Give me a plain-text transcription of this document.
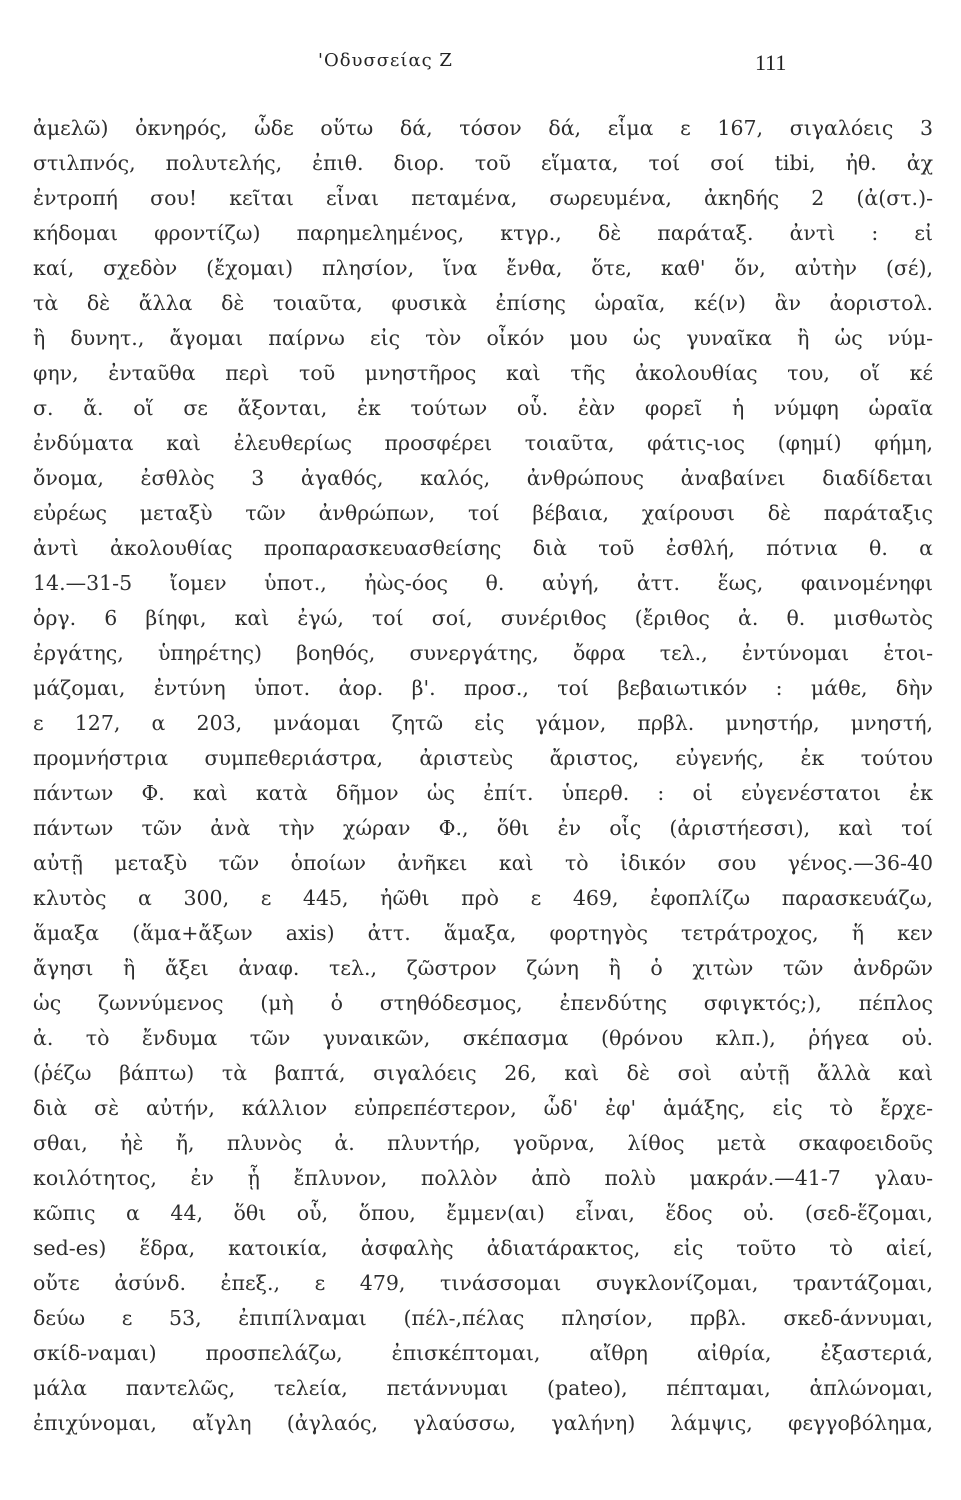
'Οδυσσείας Ζ	111
ἀμελῶ) ὀκνηρός, ὧδε οὕτω δά, τόσον δά, εἷμα ε 167, σιγαλόεις 3
στιλπνός, πολυτελής, ἐπιθ. διορ. τοῦ εἵματα, τοί σοί tibi, ἠθ. ἀχ
ἐντροπή σου! κεῖται εἶναι πεταμένα, σωρευμένα, ἀκηδής 2 (ἀ(στ.)-
κήδομαι φροντίζω) παρημελημένος, κτγρ., δὲ παράταξ. ἀντὶ : εἰ
καί, σχεδὸν (ἔχομαι) πλησίον, ἵνα ἔνθα, ὅτε, καθ' ὅν, αὐτὴν (σέ),
τὰ δὲ ἄλλα δὲ τοιαῦτα, φυσικὰ ἐπίσης ὡραῖα, κέ(ν) ἂν ἀοριστολ.
ἢ δυνητ., ἄγομαι παίρνω εἰς τὸν οἶκόν μου ὡς γυναῖκα ἢ ὡς νύμ-
φην, ἐνταῦθα περὶ τοῦ μνηστῆρος καὶ τῆς ἀκολουθίας του, οἵ κέ
σ. ἄ. οἵ σε ἄξονται, ἐκ τούτων οὗ. ἐὰν φορεῖ ἡ νύμφη ὡραῖα
ἐνδύματα καὶ ἐλευθερίως προσφέρει τοιαῦτα, φάτις-ιος (φημί) φήμη,
ὄνομα, ἐσθλὸς 3 ἀγαθός, καλός, ἀνθρώπους ἀναβαίνει διαδίδεται
εὐρέως μεταξὺ τῶν ἀνθρώπων, τοί βέβαια, χαίρουσι δὲ παράταξις
ἀντὶ ἀκολουθίας προπαρασκευασθείσης διὰ τοῦ ἐσθλή, πότνια θ. α
14.—31-5 ἴομεν ὑποτ., ἠὼς-όος θ. αὐγή, ἀττ. ἕως, φαινομένηφι
ὀργ. 6 βίηφι, καὶ ἐγώ, τοί σοί, συνέριθος (ἔριθος ἀ. θ. μισθωτὸς
ἐργάτης, ὑπηρέτης) βοηθός, συνεργάτης, ὄφρα τελ., ἐντύνομαι ἑτοι-
μάζομαι, ἐντύνη ὑποτ. ἀορ. β'. προσ., τοί βεβαιωτικόν : μάθε, δὴν
ε 127, α 203, μνάομαι ζητῶ εἰς γάμον, πρβλ. μνηστήρ, μνηστή,
προμνήστρια συμπεθεριάστρα, ἀριστεὺς ἄριστος, εὐγενής, ἐκ τούτου
πάντων Φ. καὶ κατὰ δῆμον ὡς ἐπίτ. ὑπερθ. : οἱ εὐγενέστατοι ἐκ
πάντων τῶν ἀνὰ τὴν χώραν Φ., ὅθι ἐν οἷς (ἀριστήεσσι), καὶ τοί
αὐτῇ μεταξὺ τῶν ὁποίων ἀνῆκει καὶ τὸ ἰδικόν σου γένος.—36-40
κλυτὸς α 300, ε 445, ἠῶθι πρὸ ε 469, ἐφοπλίζω παρασκευάζω,
ἅμαξα (ἅμα+ἄξων axis) ἀττ. ἅμαξα, φορτηγὸς τετράτροχος, ἥ κεν
ἄγησι ἣ ἄξει ἀναφ. τελ., ζῶστρον ζώνη ἢ ὁ χιτὼν τῶν ἀνδρῶν
ὡς ζωννύμενος (μὴ ὁ στηθόδεσμος, ἐπενδύτης σφιγκτός;), πέπλος
ἀ. τὸ ἔνδυμα τῶν γυναικῶν, σκέπασμα (θρόνου κλπ.), ῥήγεα οὐ.
(ῥέζω βάπτω) τὰ βαπτά, σιγαλόεις 26, καὶ δὲ σοὶ αὐτῇ ἄλλὰ καὶ
διὰ σὲ αὐτήν, κάλλιον εὐπρεπέστερον, ὧδ' ἐφ' ἁμάξης, εἰς τὸ ἔρχε-
σθαι, ἠὲ ἤ, πλυνὸς ἀ. πλυντήρ, γοῦρνα, λίθος μετὰ σκαφοειδοῦς
κοιλότητος, ἐν ᾗ ἔπλυνον, πολλὸν ἀπὸ πολὺ μακράν.—41-7 γλαυ-
κῶπις α 44, ὅθι οὗ, ὅπου, ἔμμεν(αι) εἶναι, ἕδος οὐ. (σεδ-ἕζομαι,
sed-es) ἕδρα, κατοικία, ἀσφαλὴς ἀδιατάρακτος, εἰς τοῦτο τὸ αἰεί,
οὔτε ἀσύνδ. ἐπεξ., ε 479, τινάσσομαι συγκλονίζομαι, τραντάζομαι,
δεύω ε 53, ἐπιπίλναμαι (πέλ-,πέλας πλησίον, πρβλ. σκεδ-άννυμαι,
σκίδ-ναμαι) προσπελάζω, ἐπισκέπτομαι, αἴθρη αἰθρία, ἐξαστεριά,
μάλα παντελῶς, τελεία, πετάννυμαι (pateo), πέπταμαι, ἁπλώνομαι,
ἐπιχύνομαι, αἴγλη (ἀγλαός, γλαύσσω, γαλήνη) λάμψις, φεγγοβόλημα,
